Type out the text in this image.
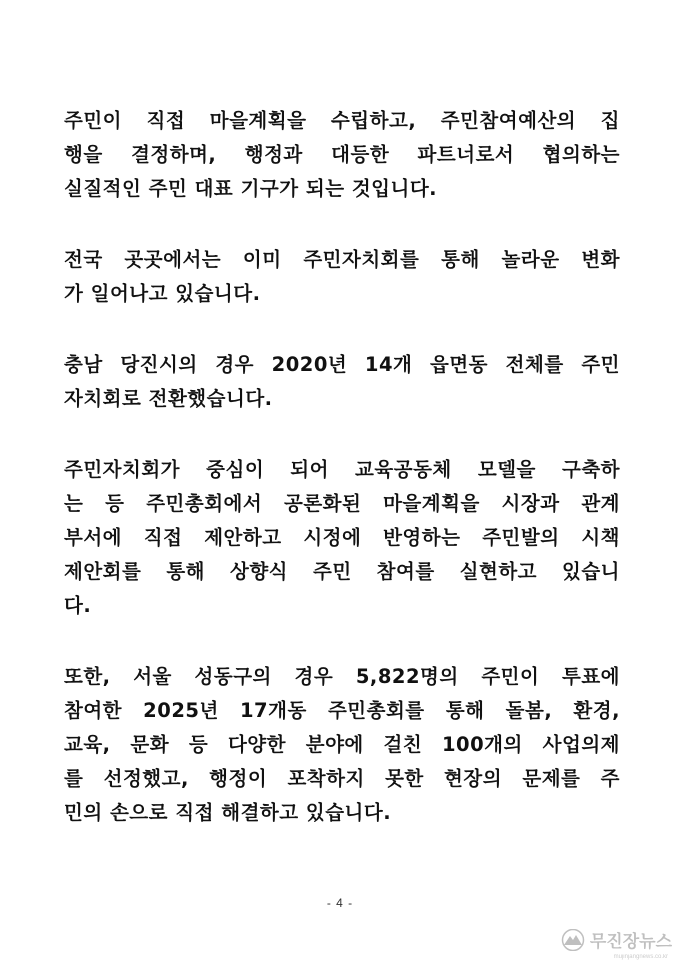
주민이 직접 마을계획을 수립하고, 주민참여예산의 집
행을 결정하며, 행정과 대등한 파트너로서 협의하는
실질적인 주민 대표 기구가 되는 것입니다.
전국 곳곳에서는 이미 주민자치회를 통해 놀라운 변화
가 일어나고 있습니다.
충남 당진시의 경우 2020년 14개 읍면동 전체를 주민
자치회로 전환했습니다.
주민자치회가 중심이 되어 교육공동체 모델을 구축하
는 등 주민총회에서 공론화된 마을계획을 시장과 관계
부서에 직접 제안하고 시정에 반영하는 주민발의 시책
제안회를 통해 상향식 주민 참여를 실현하고 있습니
다.
또한, 서울 성동구의 경우 5,822명의 주민이 투표에
참여한 2025년 17개동 주민총회를 통해 돌봄, 환경,
교육, 문화 등 다양한 분야에 걸친 100개의 사업의제
를 선정했고, 행정이 포착하지 못한 현장의 문제를 주
민의 손으로 직접 해결하고 있습니다.
- 4 -
무진장뉴스
mujinjangnews.co.kr
